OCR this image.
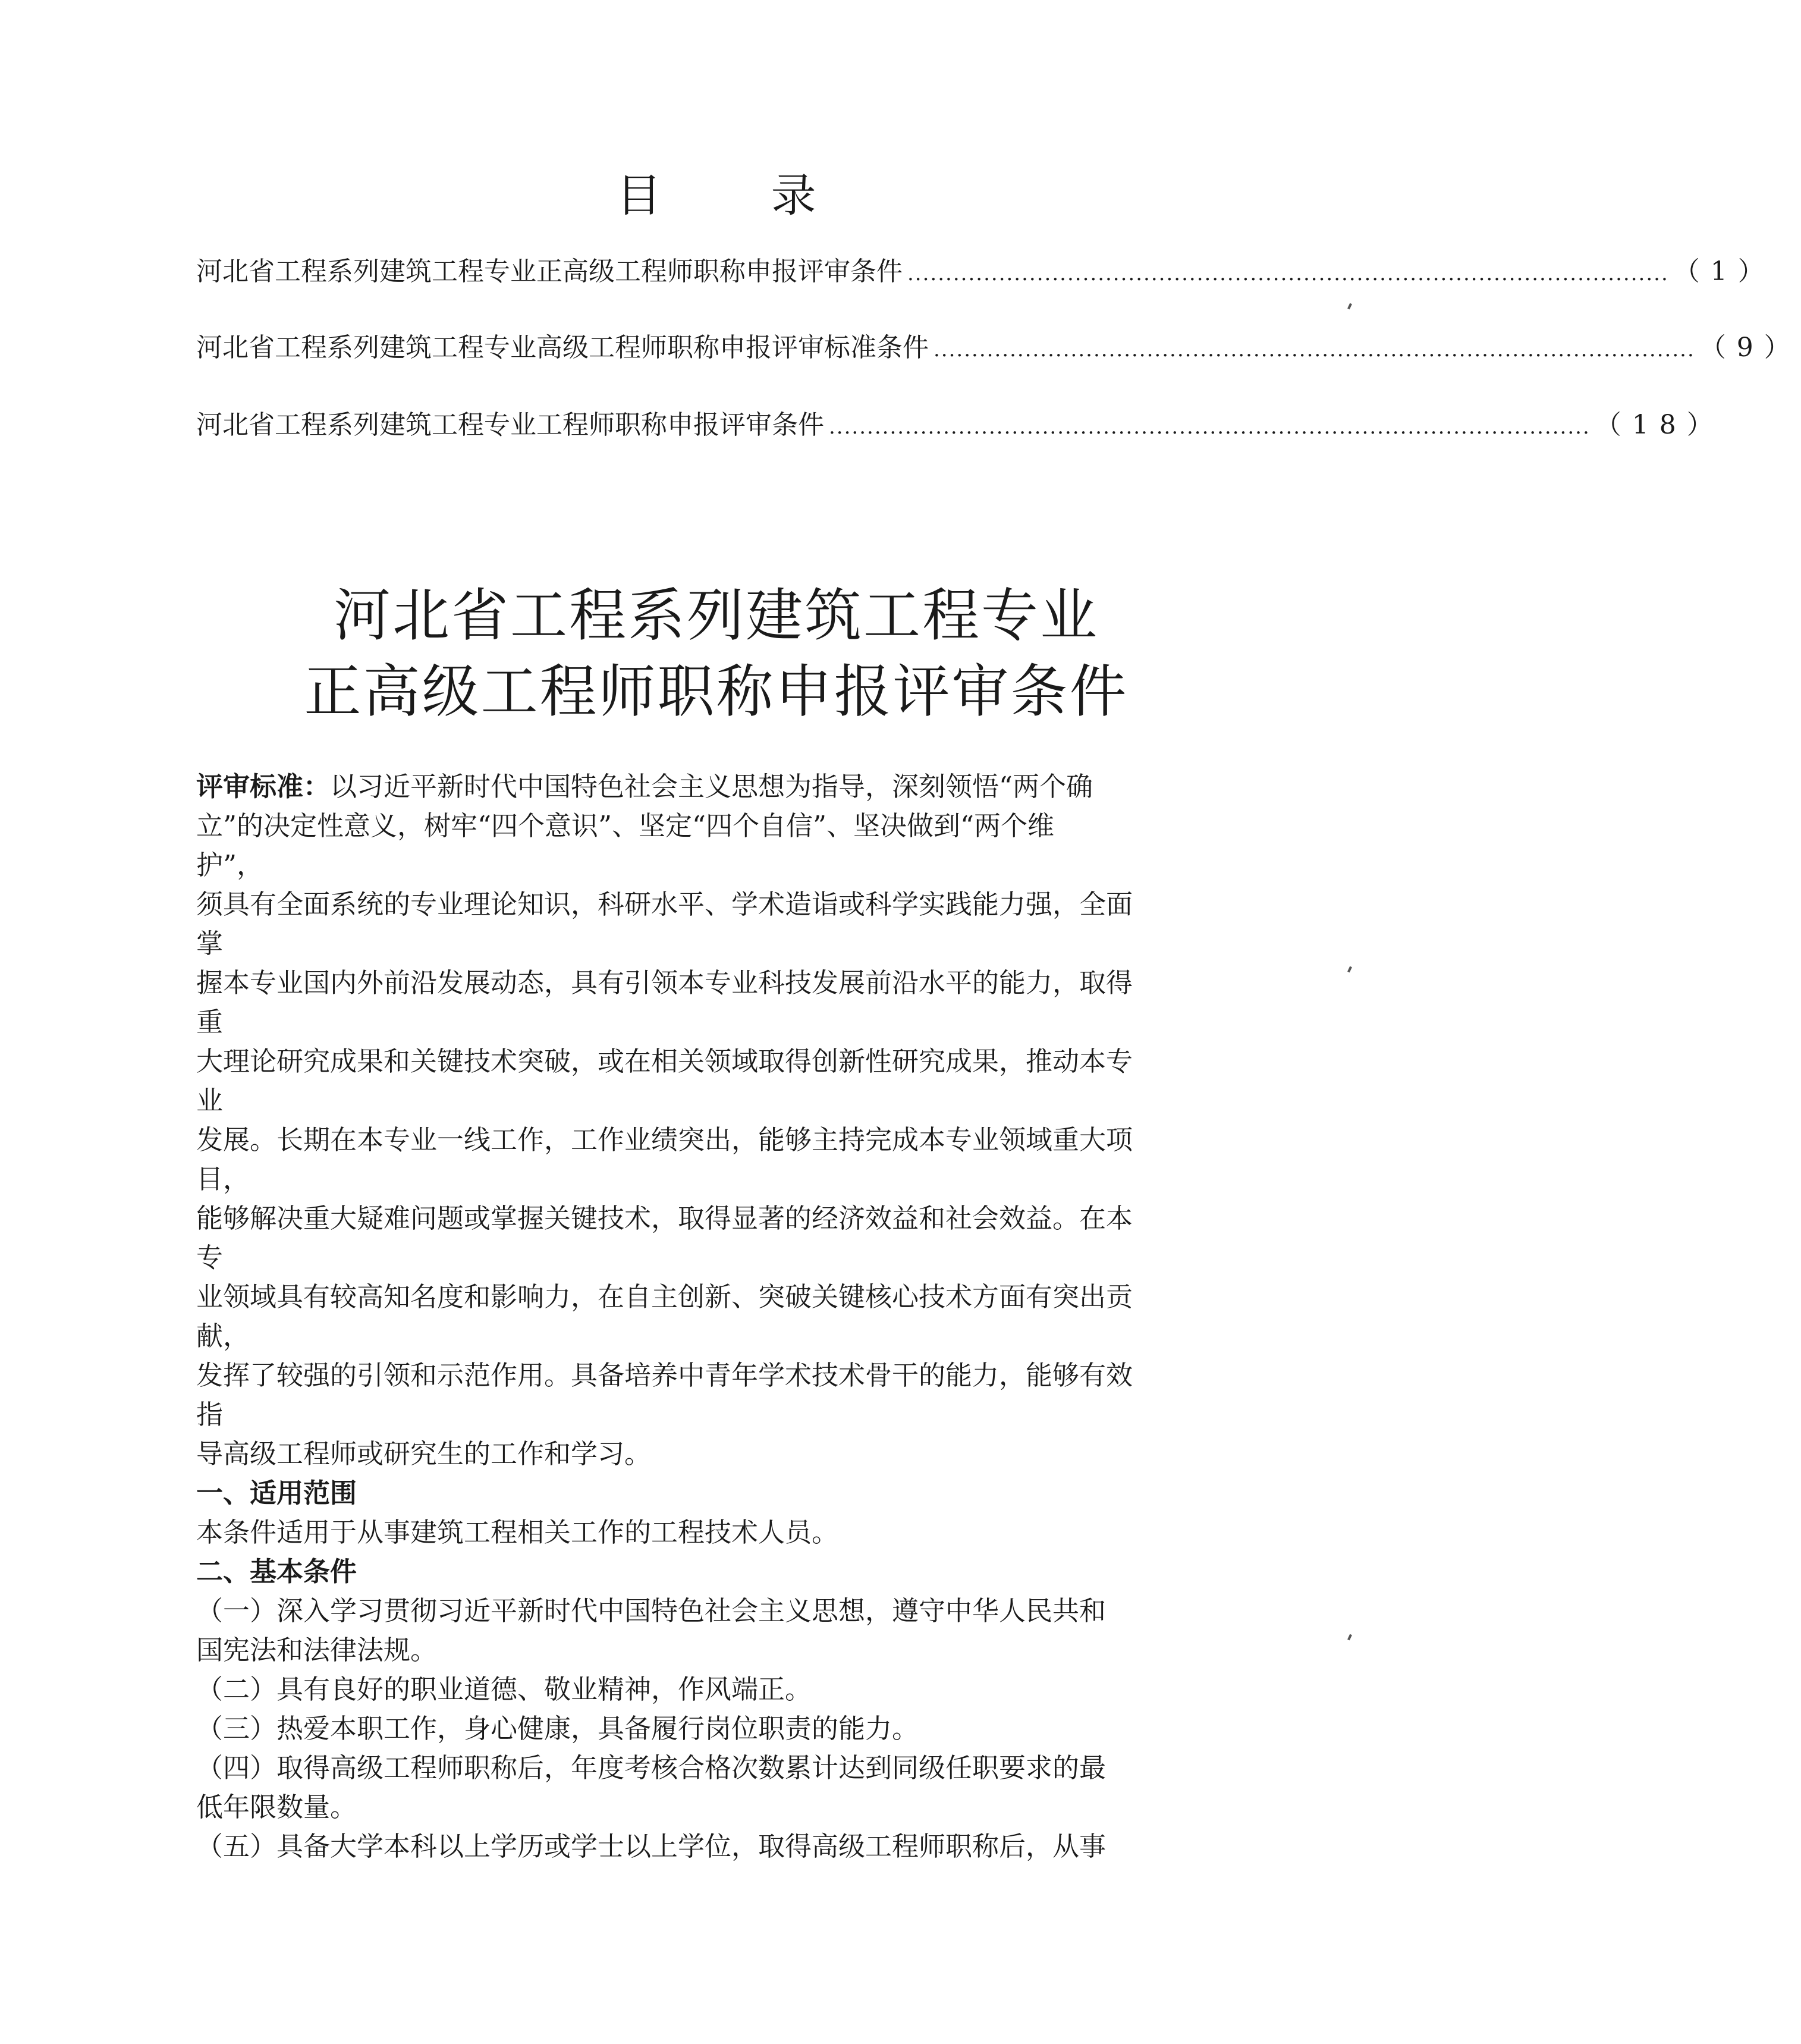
目 录
河北省工程系列建筑工程专业正高级工程师职称申报评审条件 .................................................................................................... （1）
河北省工程系列建筑工程专业高级工程师职称申报评审标准条件 .................................................................................................... （9）
河北省工程系列建筑工程专业工程师职称申报评审条件 .................................................................................................... （18）
河北省工程系列建筑工程专业
正高级工程师职称申报评审条件

评审标准：以习近平新时代中国特色社会主义思想为指导，深刻领悟“两个确

立”的决定性意义，树牢“四个意识”、坚定“四个自信”、坚决做到“两个维

护”，

须具有全面系统的专业理论知识，科研水平、学术造诣或科学实践能力强，全面

掌

握本专业国内外前沿发展动态，具有引领本专业科技发展前沿水平的能力，取得

重

大理论研究成果和关键技术突破，或在相关领域取得创新性研究成果，推动本专

业

发展。长期在本专业一线工作，工作业绩突出，能够主持完成本专业领域重大项

目，

能够解决重大疑难问题或掌握关键技术，取得显著的经济效益和社会效益。在本

专

业领域具有较高知名度和影响力，在自主创新、突破关键核心技术方面有突出贡

献，

发挥了较强的引领和示范作用。具备培养中青年学术技术骨干的能力，能够有效

指

导高级工程师或研究生的工作和学习。

一、适用范围

本条件适用于从事建筑工程相关工作的工程技术人员。

二、基本条件

（一）深入学习贯彻习近平新时代中国特色社会主义思想，遵守中华人民共和

国宪法和法律法规。

（二）具有良好的职业道德、敬业精神，作风端正。

（三）热爱本职工作，身心健康，具备履行岗位职责的能力。

（四）取得高级工程师职称后，年度考核合格次数累计达到同级任职要求的最

低年限数量。

（五）具备大学本科以上学历或学士以上学位，取得高级工程师职称后，从事
